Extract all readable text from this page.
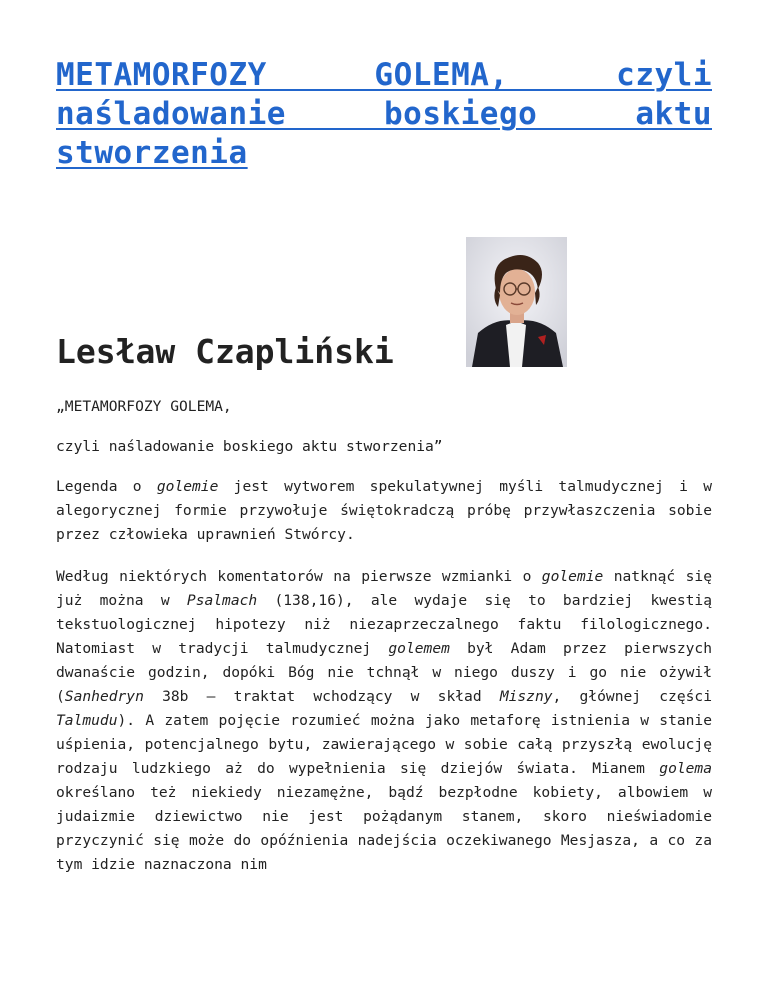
METAMORFOZY GOLEMA, czyli naśladowanie boskiego aktu stworzenia
Lesław Czapliński

„METAMORFOZY GOLEMA,

czyli naśladowanie boskiego aktu stworzenia”

Legenda o golemie jest wytworem spekulatywnej myśli talmudycznej i w alegorycznej formie przywołuje świętokradczą próbę przywłaszczenia sobie przez człowieka uprawnień Stwórcy.

Według niektórych komentatorów na pierwsze wzmianki o golemie natknąć się już można w Psalmach (138,16), ale wydaje się to bardziej kwestią tekstuologicznej hipotezy niż niezaprzeczalnego faktu filologicznego. Natomiast w tradycji talmudycznej golemem był Adam przez pierwszych dwanaście godzin, dopóki Bóg nie tchnął w niego duszy i go nie ożywił (Sanhedryn 38b – traktat wchodzący w skład Miszny, głównej części Talmudu). A zatem pojęcie rozumieć można jako metaforę istnienia w stanie uśpienia, potencjalnego bytu, zawierającego w sobie całą przyszłą ewolucję rodzaju ludzkiego aż do wypełnienia się dziejów świata. Mianem golema określano też niekiedy niezamężne, bądź bezpłodne kobiety, albowiem w judaizmie dziewictwo nie jest pożądanym stanem, skoro nieświadomie przyczynić się może do opóźnienia nadejścia oczekiwanego Mesjasza, a co za tym idzie naznaczona nim
